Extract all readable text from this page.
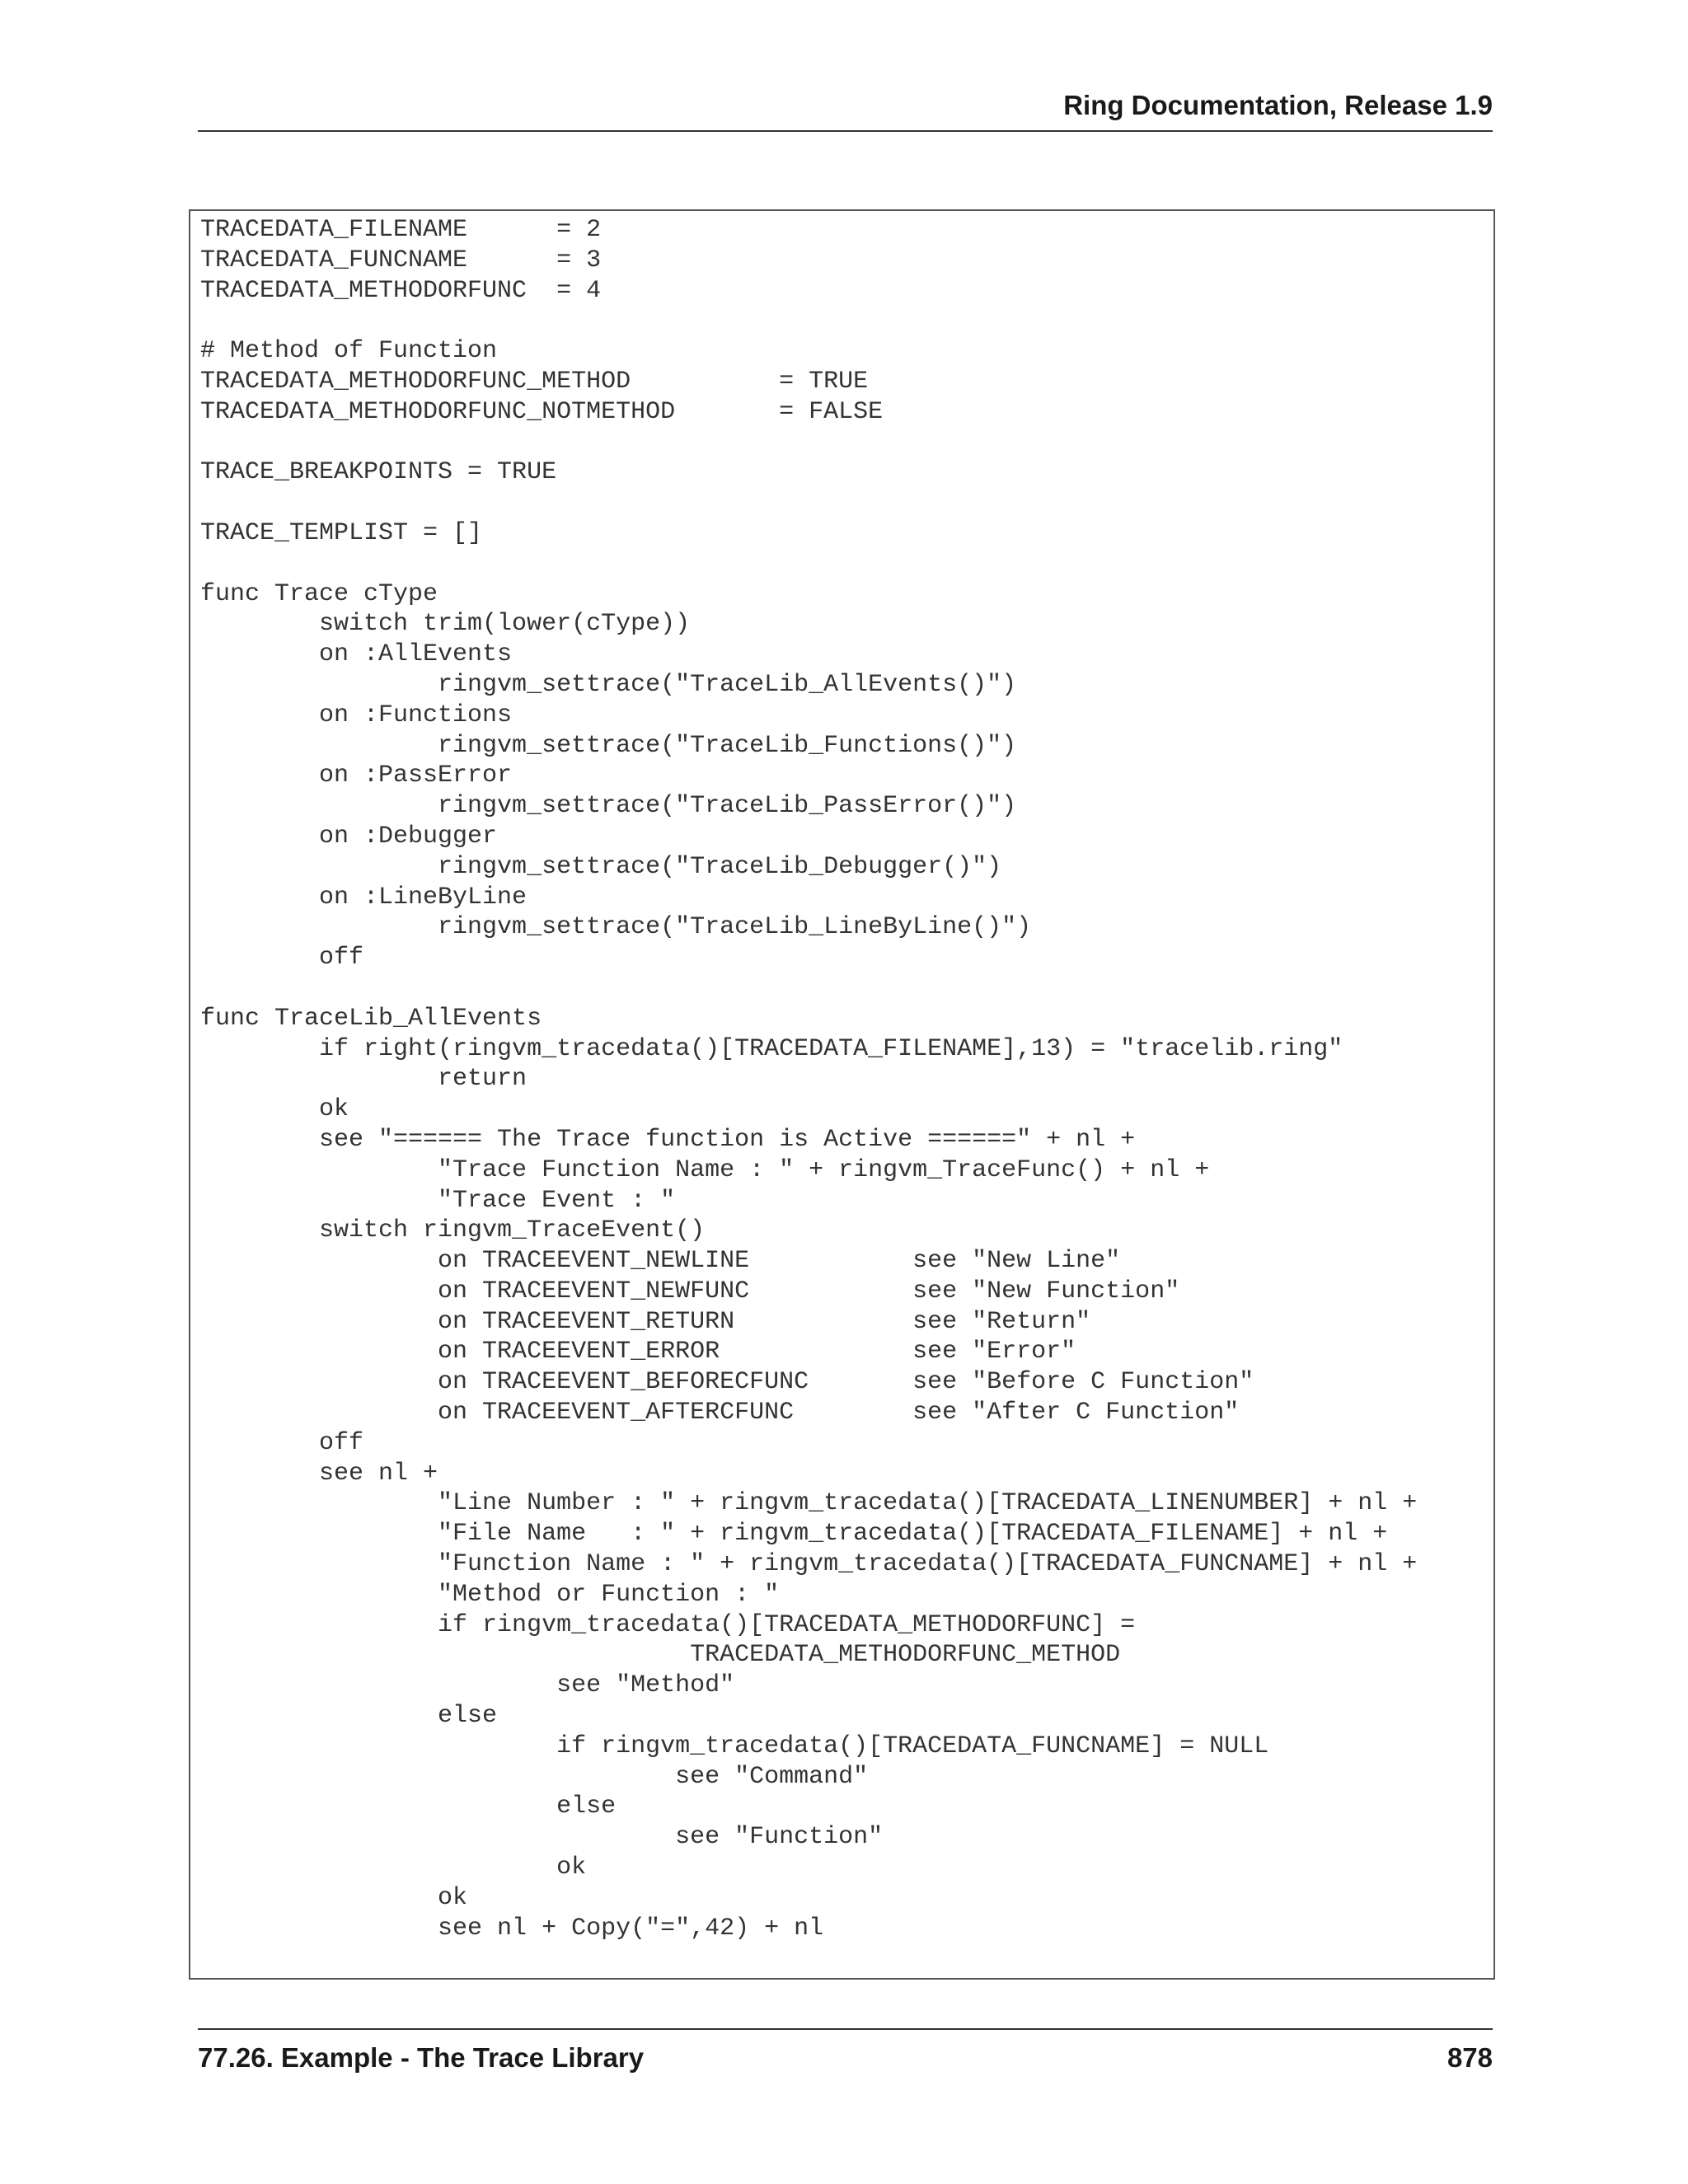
Ring Documentation, Release 1.9
TRACEDATA_FILENAME      = 2
TRACEDATA_FUNCNAME      = 3
TRACEDATA_METHODORFUNC  = 4
# Method of Function
TRACEDATA_METHODORFUNC_METHOD          = TRUE
TRACEDATA_METHODORFUNC_NOTMETHOD       = FALSE
TRACE_BREAKPOINTS = TRUE
TRACE_TEMPLIST = []
func Trace cType
switch trim(lower(cType))
on :AllEvents
ringvm_settrace("TraceLib_AllEvents()")
on :Functions
ringvm_settrace("TraceLib_Functions()")
on :PassError
ringvm_settrace("TraceLib_PassError()")
on :Debugger
ringvm_settrace("TraceLib_Debugger()")
on :LineByLine
ringvm_settrace("TraceLib_LineByLine()")
off
func TraceLib_AllEvents
if right(ringvm_tracedata()[TRACEDATA_FILENAME],13) = "tracelib.ring"
return
ok
see "====== The Trace function is Active ======" + nl +
"Trace Function Name : " + ringvm_TraceFunc() + nl +
"Trace Event : "
switch ringvm_TraceEvent()
on TRACEEVENT_NEWLINE           see "New Line"
on TRACEEVENT_NEWFUNC           see "New Function"
on TRACEEVENT_RETURN            see "Return"
on TRACEEVENT_ERROR             see "Error"
on TRACEEVENT_BEFORECFUNC       see "Before C Function"
on TRACEEVENT_AFTERCFUNC        see "After C Function"
off
see nl +
"Line Number : " + ringvm_tracedata()[TRACEDATA_LINENUMBER] + nl +
"File Name   : " + ringvm_tracedata()[TRACEDATA_FILENAME] + nl +
"Function Name : " + ringvm_tracedata()[TRACEDATA_FUNCNAME] + nl +
"Method or Function : "
if ringvm_tracedata()[TRACEDATA_METHODORFUNC] =
TRACEDATA_METHODORFUNC_METHOD
see "Method"
else
if ringvm_tracedata()[TRACEDATA_FUNCNAME] = NULL
see "Command"
else
see "Function"
ok
ok
see nl + Copy("=",42) + nl
77.26. Example - The Trace Library	878
